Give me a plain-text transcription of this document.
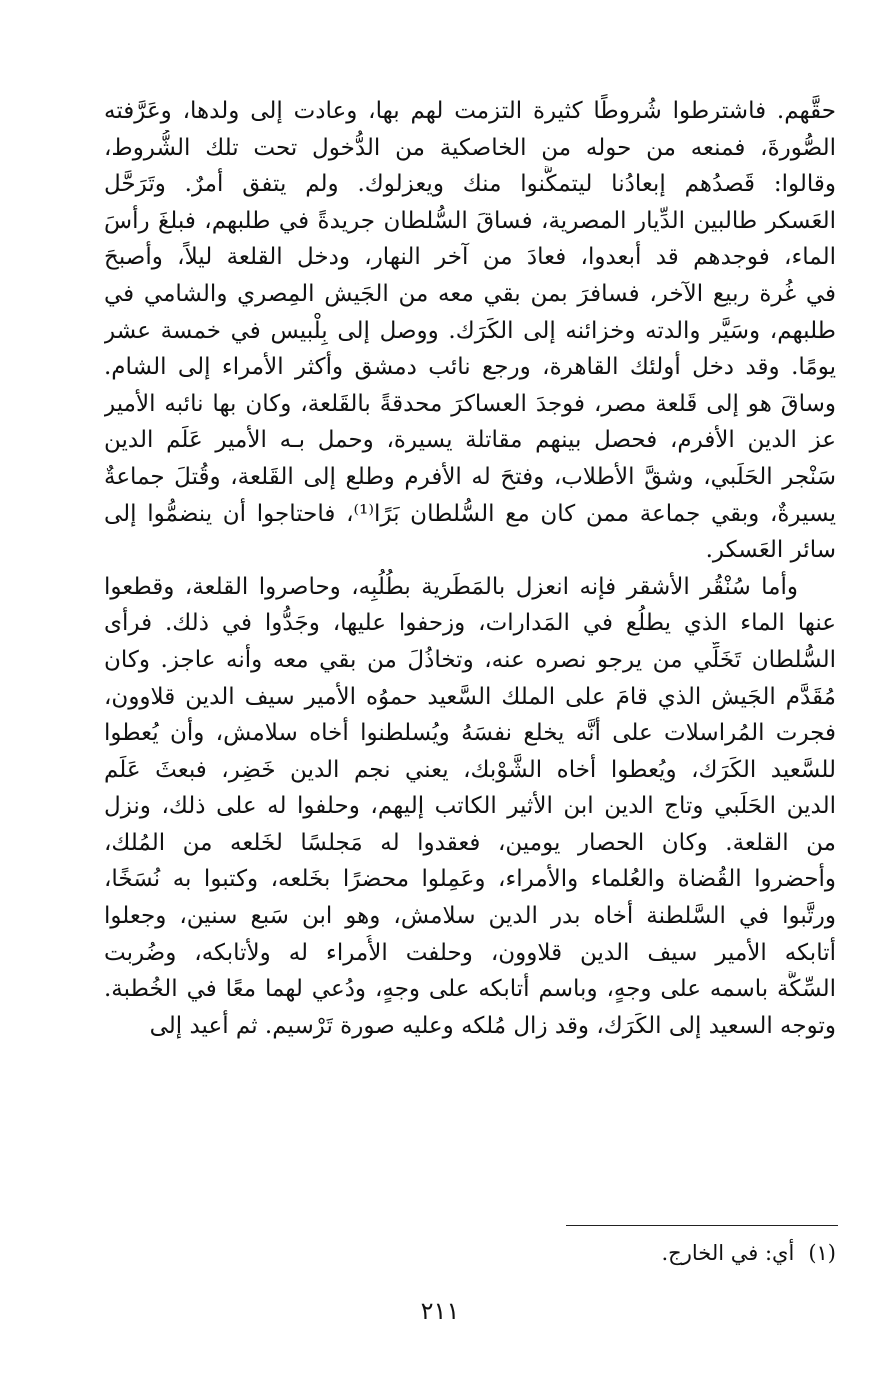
حقَّهم. فاشترطوا شُروطًا كثيرة التزمت لهم بها، وعادت إلى ولدها، وعَرَّفته
الصُّورةَ، فمنعه من حوله من الخاصكية من الدُّخول تحت تلك الشُّروط،
وقالوا: قَصدُهم إبعادُنا ليتمكَّنوا منك ويعزلوك. ولم يتفق أمرٌ. وتَرَحَّل
العَسكر طالبين الدِّيار المصرية، فساقَ السُّلطان جريدةً في طلبهم، فبلغَ رأسَ
الماء، فوجدهم قد أبعدوا، فعادَ من آخر النهار، ودخل القلعة ليلاً، وأصبحَ
في غُرة ربيع الآخر، فسافرَ بمن بقي معه من الجَيش المِصري والشامي في
طلبهم، وسَيَّر والدته وخزائنه إلى الكَرَك. ووصل إلى بِلْبيس في خمسة عشر
يومًا. وقد دخل أولئك القاهرة، ورجع نائب دمشق وأكثر الأمراء إلى الشام.
وساقَ هو إلى قَلعة مصر، فوجدَ العساكرَ محدقةً بالقَلعة، وكان بها نائبه الأمير
عز الدين الأفرم، فحصل بينهم مقاتلة يسيرة، وحمل بـه الأمير عَلَم الدين
سَنْجر الحَلَبي، وشقَّ الأطلاب، وفتحَ له الأفرم وطلع إلى القَلعة، وقُتلَ جماعةٌ
يسيرةٌ، وبقي جماعة ممن كان مع السُّلطان بَرًا⁽¹⁾، فاحتاجوا أن ينضمُّوا إلى
سائر العَسكر.
وأما سُنْقُر الأشقر فإنه انعزل بالمَطَرية بطُلُبِه، وحاصروا القلعة، وقطعوا
عنها الماء الذي يطلُع في المَدارات، وزحفوا عليها، وجَدُّوا في ذلك. فرأى
السُّلطان تَخَلِّي من يرجو نصره عنه، وتخاذُلَ من بقي معه وأنه عاجز. وكان
مُقَدَّم الجَيش الذي قامَ على الملك السَّعيد حموُه الأمير سيف الدين قلاوون،
فجرت المُراسلات على أنَّه يخلع نفسَهُ ويُسلطنوا أخاه سلامش، وأن يُعطوا
للسَّعيد الكَرَك، ويُعطوا أخاه الشَّوْبك، يعني نجم الدين خَضِر، فبعثَ عَلَم
الدين الحَلَبي وتاج الدين ابن الأثير الكاتب إليهم، وحلفوا له على ذلك، ونزل
من القلعة. وكان الحصار يومين، فعقدوا له مَجلسًا لخَلعه من المُلك،
وأحضروا القُضاة والعُلماء والأمراء، وعَمِلوا محضرًا بخَلعه، وكتبوا به نُسَخًا،
ورتَّبوا في السَّلطنة أخاه بدر الدين سلامش، وهو ابن سَبع سنين، وجعلوا
أتابكه الأمير سيف الدين قلاوون، وحلفت الأُمراء له ولأتابكه، وضُربت
السِّكَّة باسمه على وجهٍ، وباسم أتابكه على وجهٍ، ودُعي لهما معًا في الخُطبة.
وتوجه السعيد إلى الكَرَك، وقد زال مُلكه وعليه صورة تَرْسيم. ثم أعيد إلى
(١)أي: في الخارج.
٢١١
